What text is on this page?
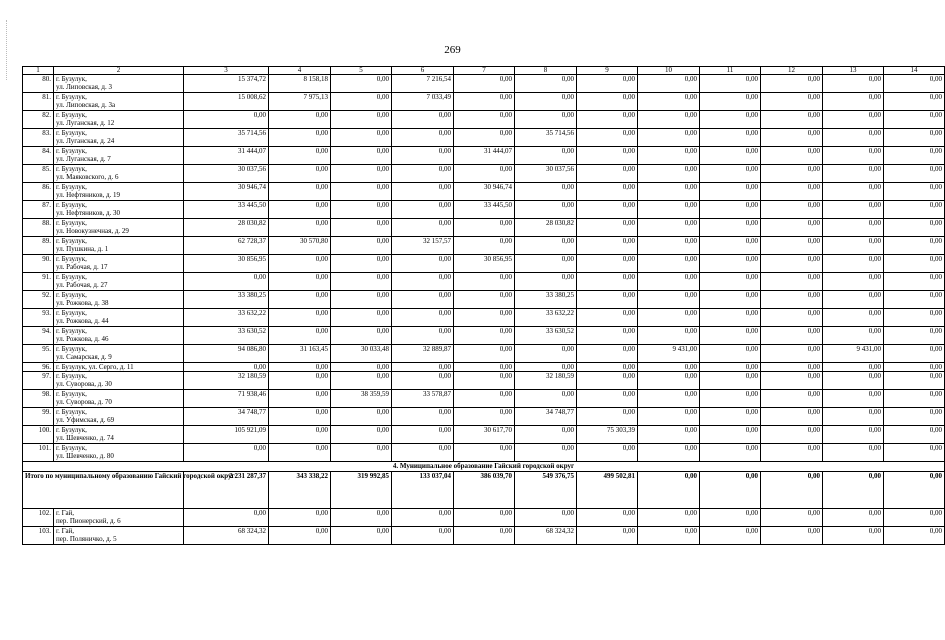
269
1	2	3	4	5	6	7	8	9	10	11	12	13	14
80.	г. Бузулук,
ул. Липовская, д. 3	15 374,72	8 158,18	0,00	7 216,54	0,00	0,00	0,00	0,00	0,00	0,00	0,00	0,00
81.	г. Бузулук,
ул. Липовская, д. 3а	15 008,62	7 975,13	0,00	7 033,49	0,00	0,00	0,00	0,00	0,00	0,00	0,00	0,00
82.	г. Бузулук,
ул. Луганская, д. 12	0,00	0,00	0,00	0,00	0,00	0,00	0,00	0,00	0,00	0,00	0,00	0,00
83.	г. Бузулук,
ул. Луганская, д. 24	35 714,56	0,00	0,00	0,00	0,00	35 714,56	0,00	0,00	0,00	0,00	0,00	0,00
84.	г. Бузулук,
ул. Луганская, д. 7	31 444,07	0,00	0,00	0,00	31 444,07	0,00	0,00	0,00	0,00	0,00	0,00	0,00
85.	г. Бузулук,
ул. Маяковского, д. 6	30 037,56	0,00	0,00	0,00	0,00	30 037,56	0,00	0,00	0,00	0,00	0,00	0,00
86.	г. Бузулук,
ул. Нефтяников, д. 19	30 946,74	0,00	0,00	0,00	30 946,74	0,00	0,00	0,00	0,00	0,00	0,00	0,00
87.	г. Бузулук,
ул. Нефтяников, д. 30	33 445,50	0,00	0,00	0,00	33 445,50	0,00	0,00	0,00	0,00	0,00	0,00	0,00
88.	г. Бузулук,
ул. Новокузнечная, д. 29	28 030,82	0,00	0,00	0,00	0,00	28 030,82	0,00	0,00	0,00	0,00	0,00	0,00
89.	г. Бузулук,
ул. Пушкина, д. 1	62 728,37	30 570,80	0,00	32 157,57	0,00	0,00	0,00	0,00	0,00	0,00	0,00	0,00
90.	г. Бузулук,
ул. Рабочая, д. 17	30 856,95	0,00	0,00	0,00	30 856,95	0,00	0,00	0,00	0,00	0,00	0,00	0,00
91.	г. Бузулук,
ул. Рабочая, д. 27	0,00	0,00	0,00	0,00	0,00	0,00	0,00	0,00	0,00	0,00	0,00	0,00
92.	г. Бузулук,
ул. Рожкова, д. 38	33 380,25	0,00	0,00	0,00	0,00	33 380,25	0,00	0,00	0,00	0,00	0,00	0,00
93.	г. Бузулук,
ул. Рожкова, д. 44	33 632,22	0,00	0,00	0,00	0,00	33 632,22	0,00	0,00	0,00	0,00	0,00	0,00
94.	г. Бузулук,
ул. Рожкова, д. 46	33 630,52	0,00	0,00	0,00	0,00	33 630,52	0,00	0,00	0,00	0,00	0,00	0,00
95.	г. Бузулук,
ул. Самарская, д. 9	94 086,80	31 163,45	30 033,48	32 889,87	0,00	0,00	0,00	9 431,00	0,00	0,00	9 431,00	0,00
96.	г. Бузулук, ул. Серго, д. 11	0,00	0,00	0,00	0,00	0,00	0,00	0,00	0,00	0,00	0,00	0,00	0,00
97.	г. Бузулук,
ул. Суворова, д. 30	32 180,59	0,00	0,00	0,00	0,00	32 180,59	0,00	0,00	0,00	0,00	0,00	0,00
98.	г. Бузулук,
ул. Суворова, д. 70	71 938,46	0,00	38 359,59	33 578,87	0,00	0,00	0,00	0,00	0,00	0,00	0,00	0,00
99.	г. Бузулук,
ул. Уфимская, д. 69	34 748,77	0,00	0,00	0,00	0,00	34 748,77	0,00	0,00	0,00	0,00	0,00	0,00
100.	г. Бузулук,
ул. Шевченко, д. 74	105 921,09	0,00	0,00	0,00	30 617,70	0,00	75 303,39	0,00	0,00	0,00	0,00	0,00
101.	г. Бузулук,
ул. Шевченко, д. 80	0,00	0,00	0,00	0,00	0,00	0,00	0,00	0,00	0,00	0,00	0,00	0,00
4. Муниципальное образование Гайский городской округ													
Итого по муниципальному образованию Гайский городской округ		2 231 287,37	343 338,22	319 992,85	133 037,04	386 039,70	549 376,75	499 502,81	0,00	0,00	0,00	0,00	0,00
102.	г. Гай,
пер. Пионерский, д. 6	0,00	0,00	0,00	0,00	0,00	0,00	0,00	0,00	0,00	0,00	0,00	0,00
103.	г. Гай,
пер. Поляничко, д. 5	68 324,32	0,00	0,00	0,00	0,00	68 324,32	0,00	0,00	0,00	0,00	0,00	0,00
